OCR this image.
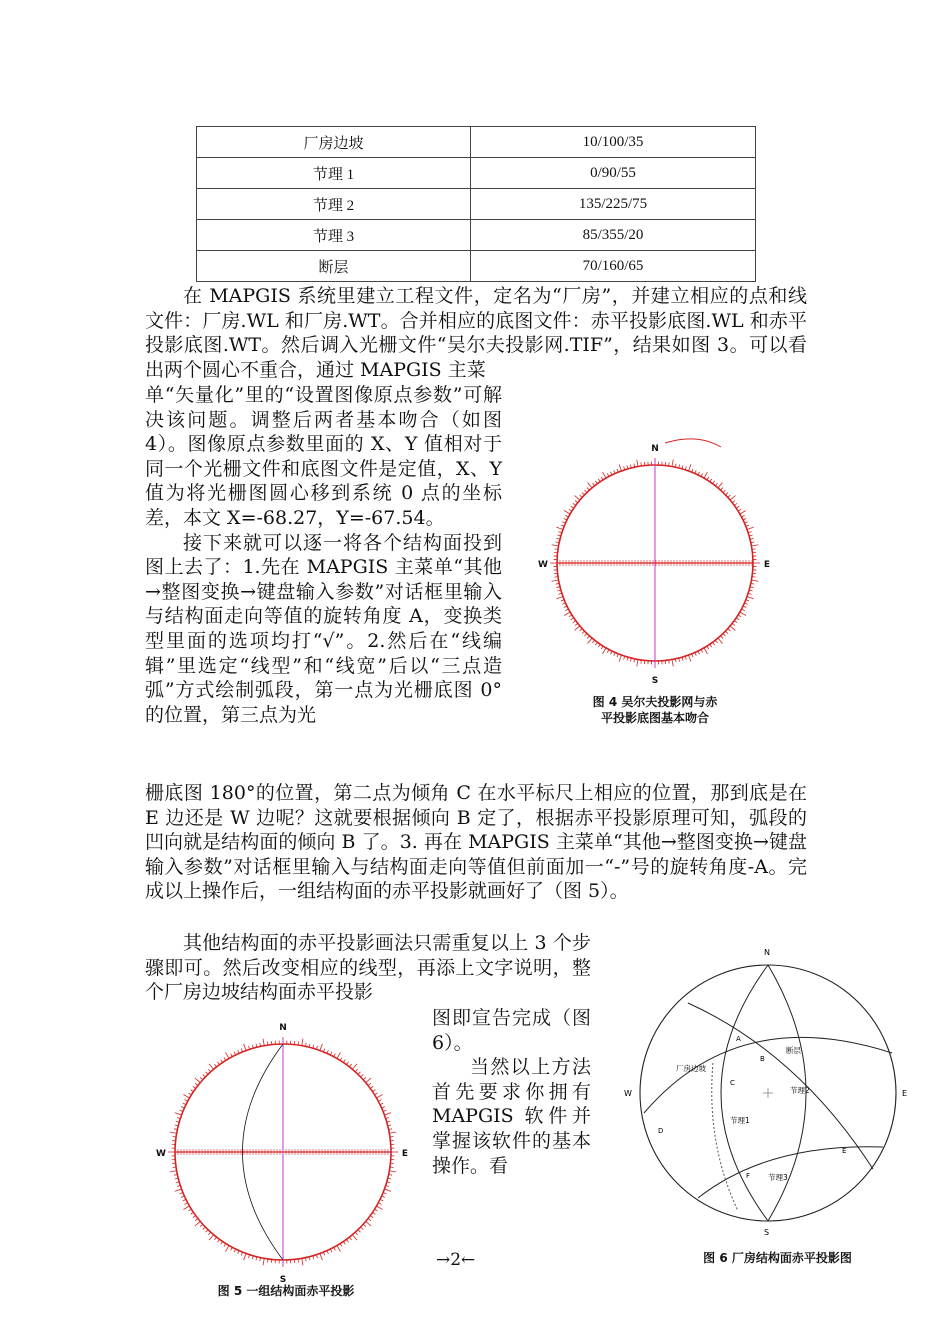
厂房边坡	10/100/35
节理 1	0/90/55
节理 2	135/225/75
节理 3	85/355/20
断层	70/160/65

在 MAPGIS 系统里建立工程文件，定名为“厂房”，并建立相应的点和线文件：厂房.WL 和厂房.WT。合并相应的底图文件：赤平投影底图.WL 和赤平投影底图.WT。然后调入光栅文件“吴尔夫投影网.TIF”，结果如图 3。可以看出两个圆心不重合，通过 MAPGIS 主菜

单“矢量化”里的“设置图像原点参数”可解决该问题。调整后两者基本吻合（如图 4）。图像原点参数里面的 X、Y 值相对于同一个光栅文件和底图文件是定值，X、Y 值为将光栅图圆心移到系统 0 点的坐标差，本文 X=-68.27，Y=-67.54。

接下来就可以逐一将各个结构面投到图上去了：1.先在 MAPGIS 主菜单“其他→整图变换→键盘输入参数”对话框里输入与结构面走向等值的旋转角度 A，变换类型里面的选项均打“√”。2.然后在“线编辑”里选定“线型”和“线宽”后以“三点造弧”方式绘制弧段，第一点为光栅底图 0°的位置，第三点为光

栅底图 180°的位置，第二点为倾角 C 在水平标尺上相应的位置，那到底是在 E 边还是 W 边呢？这就要根据倾向 B 定了，根据赤平投影原理可知，弧段的凹向就是结构面的倾向 B 了。3. 再在 MAPGIS 主菜单“其他→整图变换→键盘输入参数”对话框里输入与结构面走向等值但前面加一“-”号的旋转角度-A。完成以上操作后，一组结构面的赤平投影就画好了（图 5）。

其他结构面的赤平投影画法只需重复以上 3 个步骤即可。然后改变相应的线型，再添上文字说明，整个厂房边坡结构面赤平投影

图即宣告完成（图 6）。

当然以上方法首先要求你拥有 MAPGIS 软件并掌握该软件的基本操作。看

N
S
E
W
图 4 吴尔夫投影网与赤
平投影底图基本吻合
N
S
E
W
图 5 一组结构面赤平投影
N
S
E
W
厂房边坡
断层
节理2
节理1
节理3
A
B
C
D
E
F
图 6 厂房结构面赤平投影图
→2←
